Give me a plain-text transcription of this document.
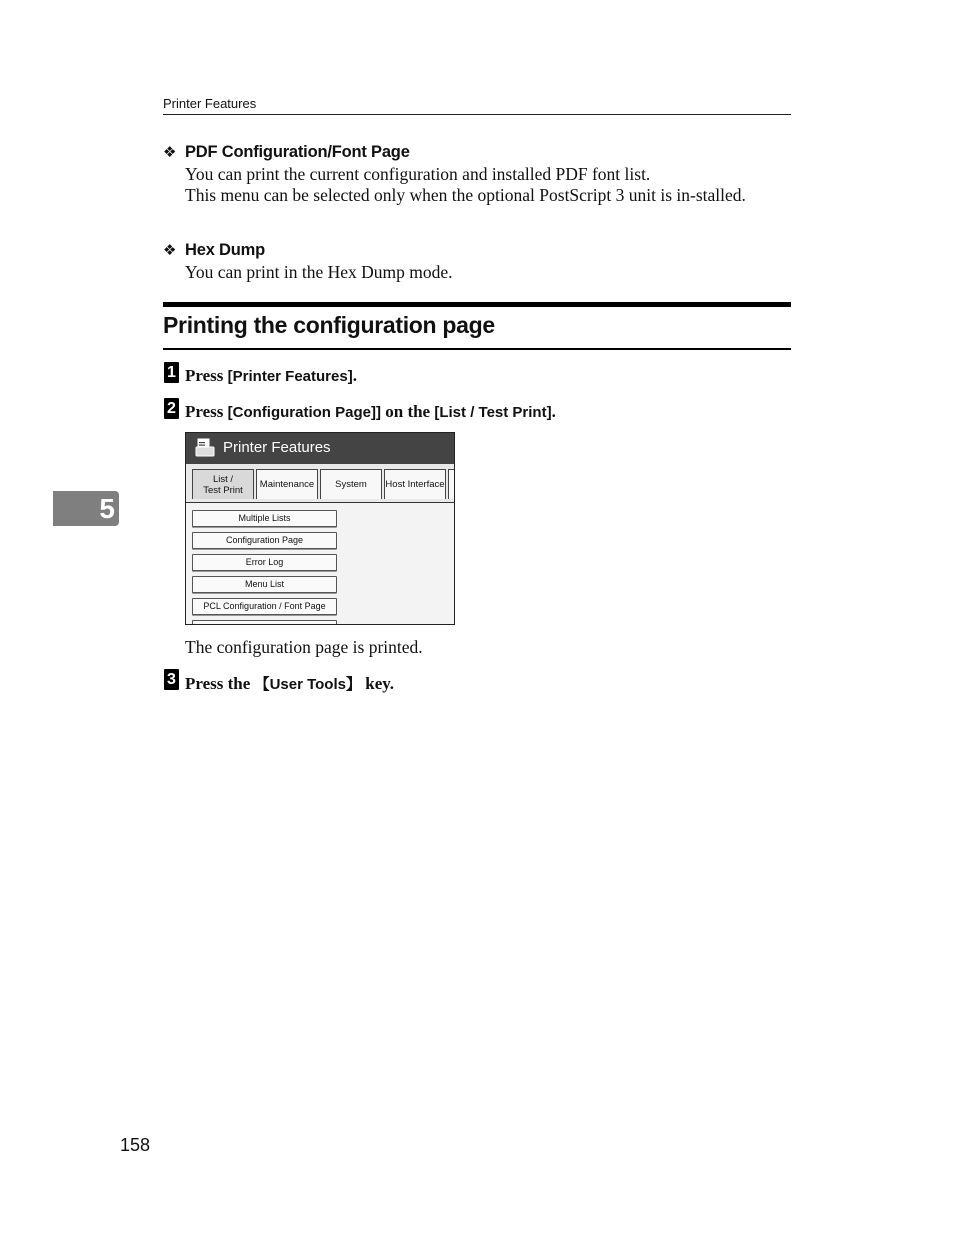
Printer Features
❖ PDF Configuration/Font Page

You can print the current configuration and installed PDF font list.

This menu can be selected only when the optional PostScript 3 unit is in-stalled.

❖ Hex Dump

You can print in the Hex Dump mode.

Printing the configuration page
1 Press [Printer Features].
2 Press [Configuration Page]] on the [List / Test Print].
5
Printer Features
List /
Test Print	Maintenance	System	Host Interface
Multiple Lists
Configuration Page
Error Log
Menu List
PCL Configuration / Font Page
The configuration page is printed.
3 Press the 【User Tools】 key.
158
